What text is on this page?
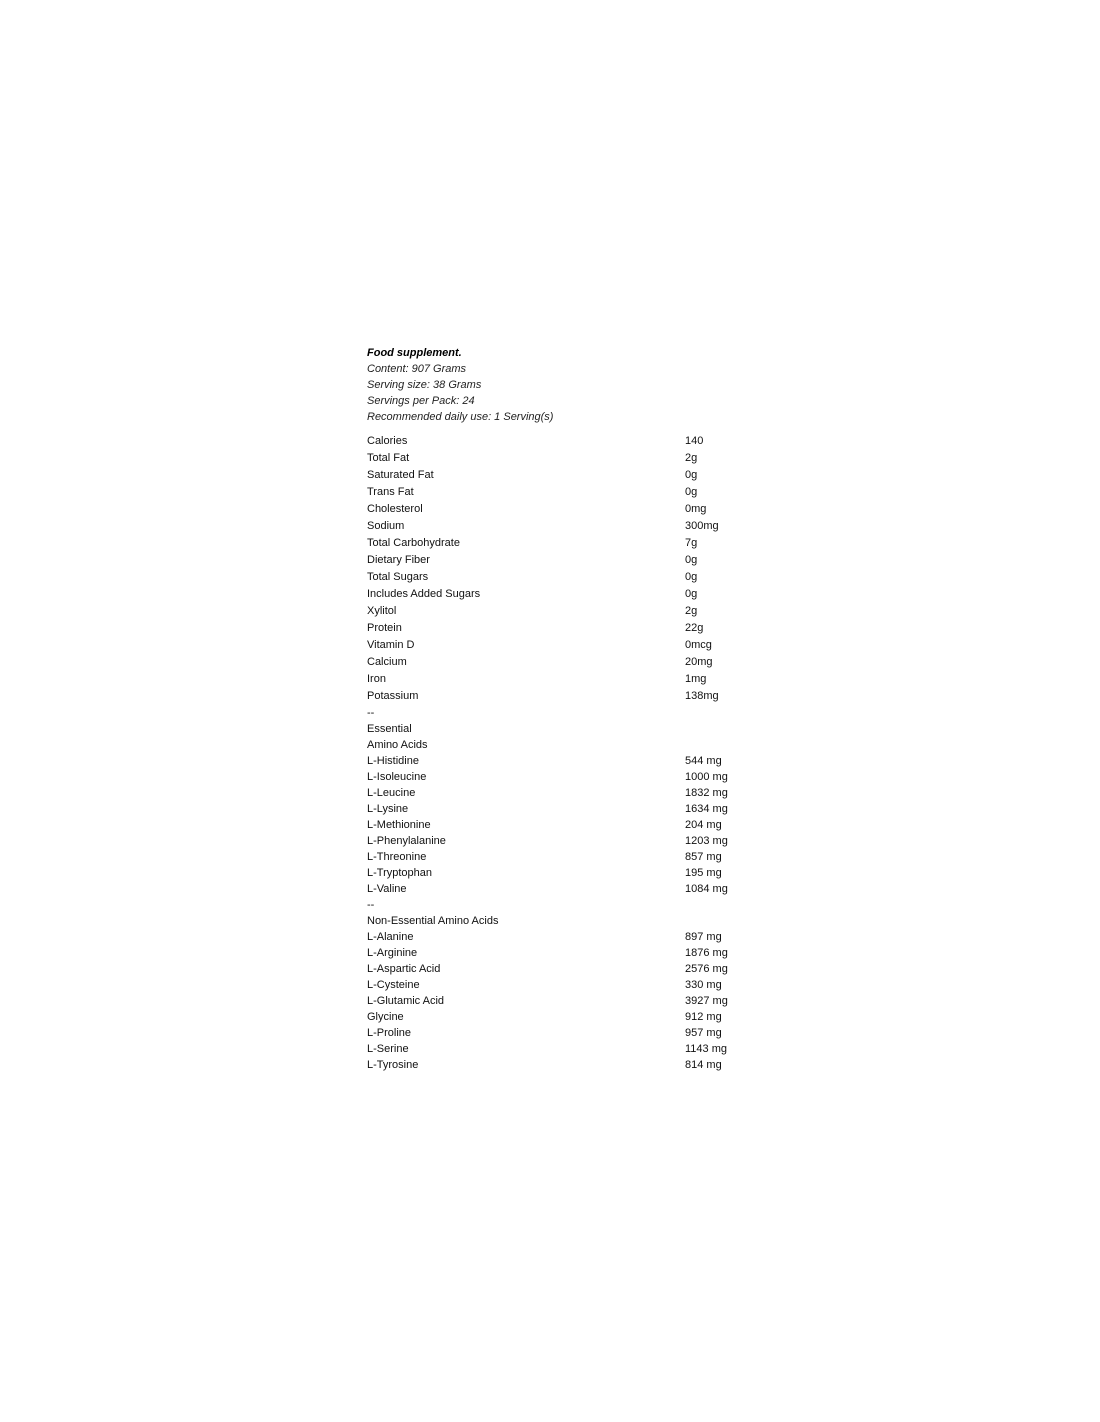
Food supplement.
Content: 907 Grams
Serving size: 38 Grams
Servings per Pack: 24
Recommended daily use: 1 Serving(s)
Calories	140
Total Fat	2g
Saturated Fat	0g
Trans Fat	0g
Cholesterol	0mg
Sodium	300mg
Total Carbohydrate	7g
Dietary Fiber	0g
Total Sugars	0g
Includes Added Sugars	0g
Xylitol	2g
Protein	22g
Vitamin D	0mcg
Calcium	20mg
Iron	1mg
Potassium	138mg
--
Essential
Amino Acids
L-Histidine	544 mg
L-Isoleucine	1000 mg
L-Leucine	1832 mg
L-Lysine	1634 mg
L-Methionine	204 mg
L-Phenylalanine	1203 mg
L-Threonine	857 mg
L-Tryptophan	195 mg
L-Valine	1084 mg
--
Non-Essential Amino Acids
L-Alanine	897 mg
L-Arginine	1876 mg
L-Aspartic Acid	2576 mg
L-Cysteine	330 mg
L-Glutamic Acid	3927 mg
Glycine	912 mg
L-Proline	957 mg
L-Serine	1143 mg
L-Tyrosine	814 mg
